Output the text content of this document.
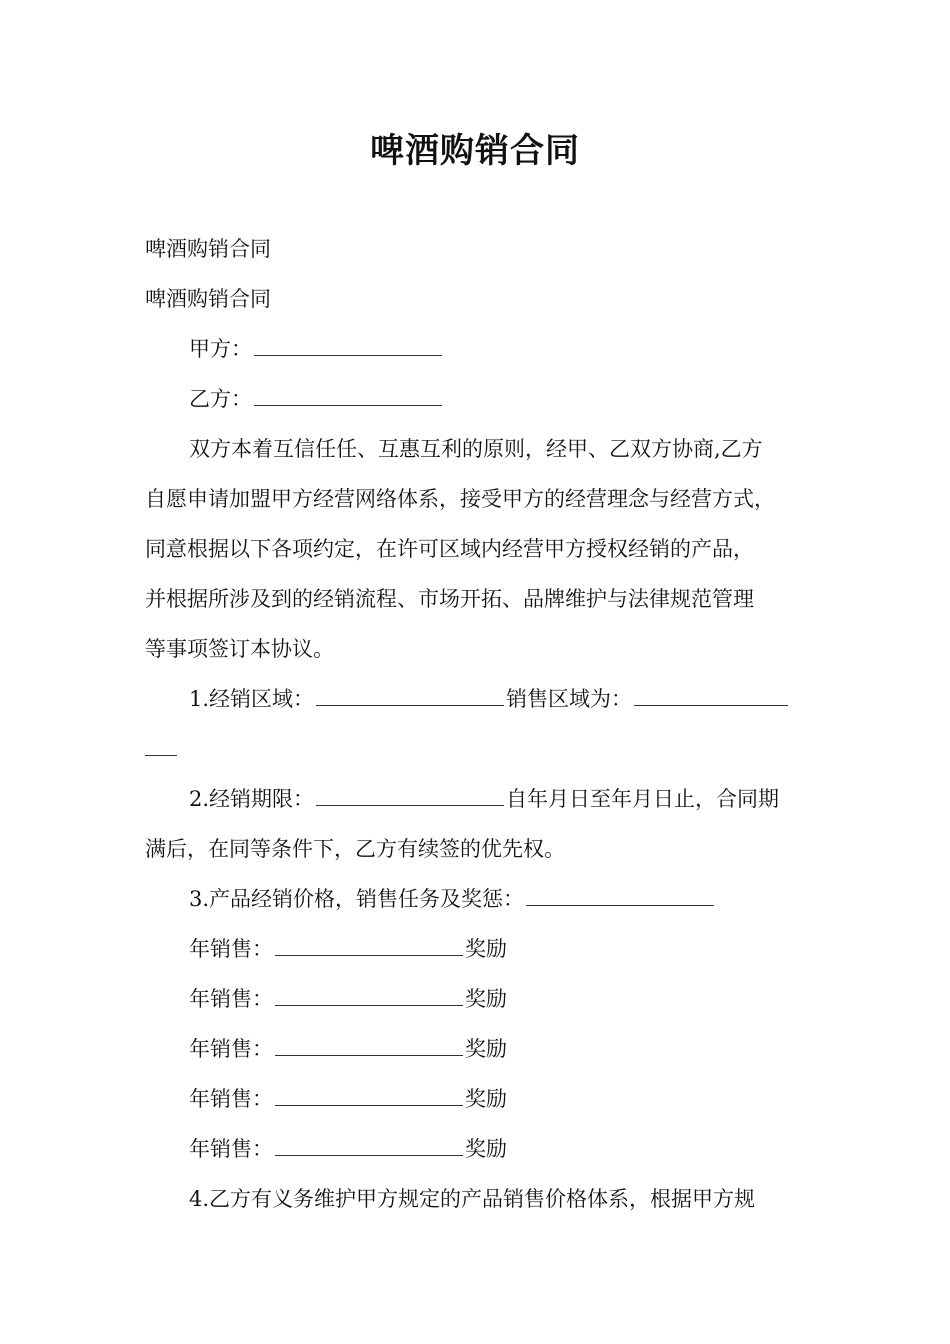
啤酒购销合同
啤酒购销合同
啤酒购销合同
甲方：
乙方：
双方本着互信任任、互惠互利的原则，经甲、乙双方协商,乙方
自愿申请加盟甲方经营网络体系，接受甲方的经营理念与经营方式，
同意根据以下各项约定，在许可区域内经营甲方授权经销的产品，
并根据所涉及到的经销流程、市场开拓、品牌维护与法律规范管理
等事项签订本协议。
1.经销区域：	销售区域为：
2.经销期限：	自年月日至年月日止，合同期
满后，在同等条件下，乙方有续签的优先权。
3.产品经销价格，销售任务及奖惩：
年销售：	奖励
年销售：	奖励
年销售：	奖励
年销售：	奖励
年销售：	奖励
4.乙方有义务维护甲方规定的产品销售价格体系，根据甲方规
